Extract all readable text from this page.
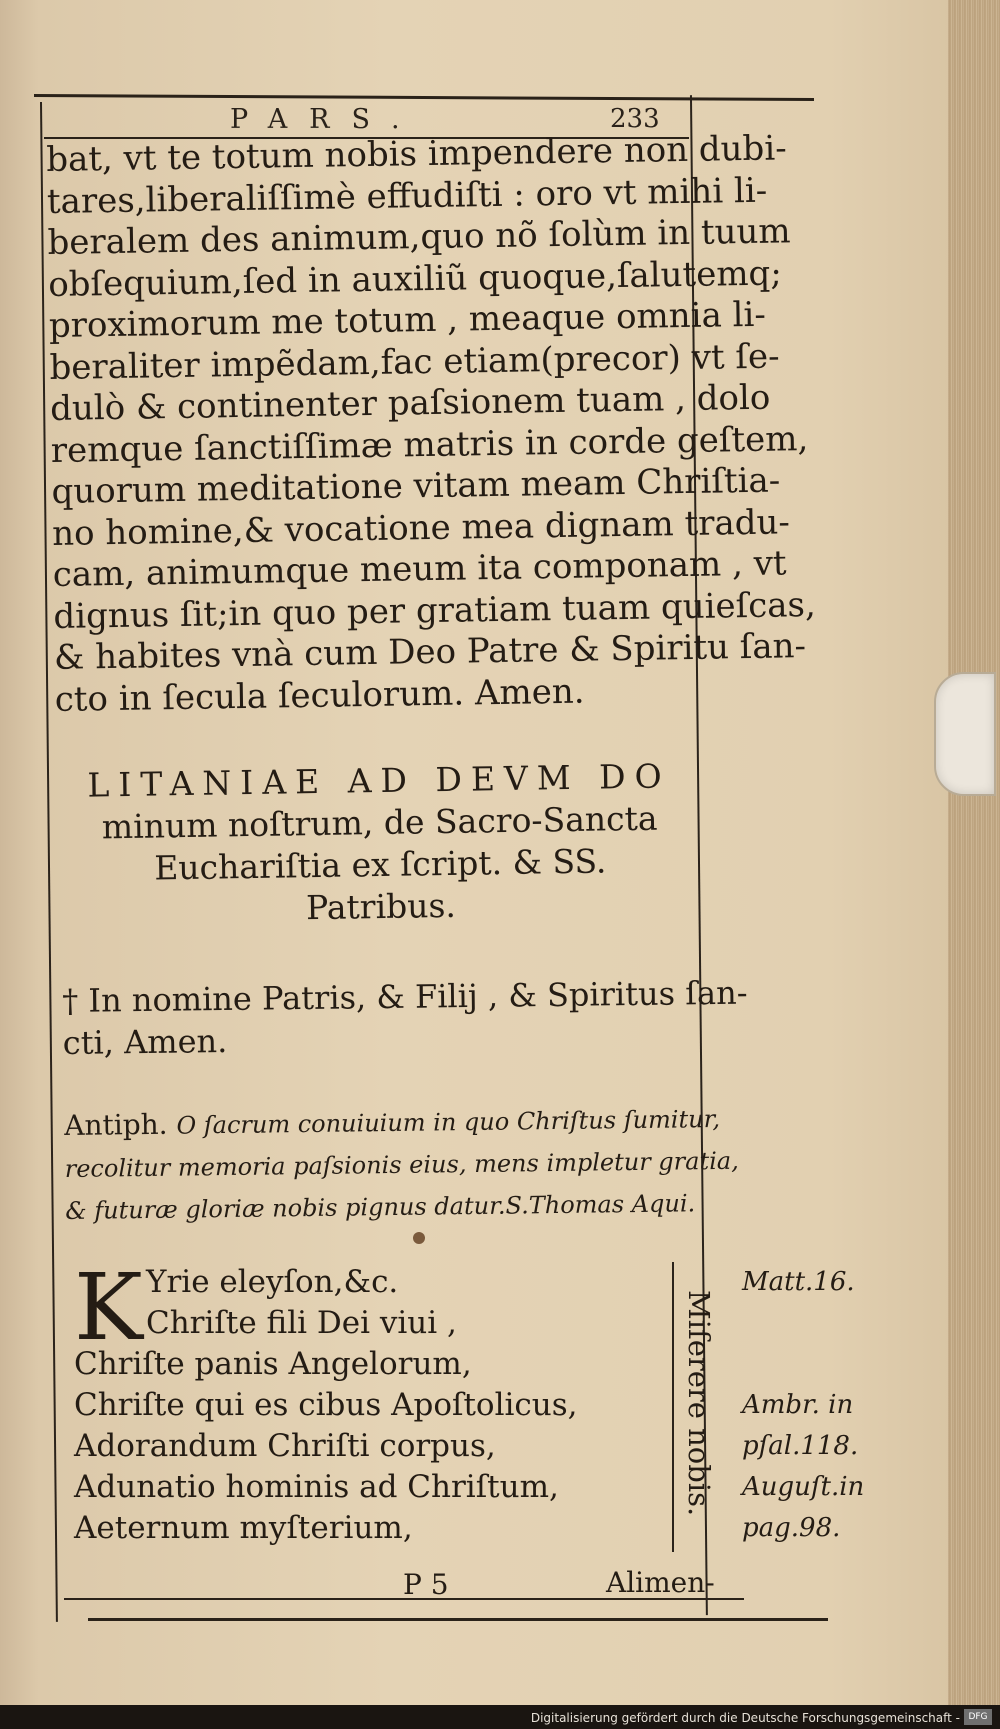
PARS.	233
bat, vt te totum nobis impendere non dubi-
tares,liberaliſſimè effudiſti : oro vt mihi li-
beralem des animum,quo nõ ſolùm in tuum
obſequium,ſed in auxiliũ quoque,ſalutemq;
proximorum me totum , meaque omnia li-
beraliter impẽdam,fac etiam(precor) vt ſe-
dulò & continenter paſsionem tuam , dolo
remque ſanctiſſimæ matris in corde geſtem,
quorum meditatione vitam meam Chriſtia-
no homine,& vocatione mea dignam tradu-
cam, animumque meum ita componam , vt
dignus ſit;in quo per gratiam tuam quieſcas,
& habites vnà cum Deo Patre & Spiritu ſan-
cto in ſecula ſeculorum. Amen.
LITANIAE AD DEVM DO
minum noſtrum, de Sacro-Sancta
Euchariſtia ex ſcript. & SS.
Patribus.
† In nomine Patris, & Filij , & Spiritus ſan-
cti, Amen.
Antiph. O ſacrum conuiuium in quo Chriſtus ſumitur,
recolitur memoria paſsionis eius, mens impletur gratia,
& futuræ gloriæ nobis pignus datur.S.Thomas Aqui.
K Yrie eleyſon,&c.
Chriſte fili Dei viui ,
Chriſte panis Angelorum,
Chriſte qui es cibus Apoſtolicus,
Adorandum Chriſti corpus,
Adunatio hominis ad Chriſtum,
Aeternum myſterium,
Miſerere nobis.
Matt.16.
Ambr. in
pſal.118.
Auguſt.in
pag.98.
P 5	Alimen-
Digitalisierung gefördert durch die Deutsche Forschungsgemeinschaft - DFG
